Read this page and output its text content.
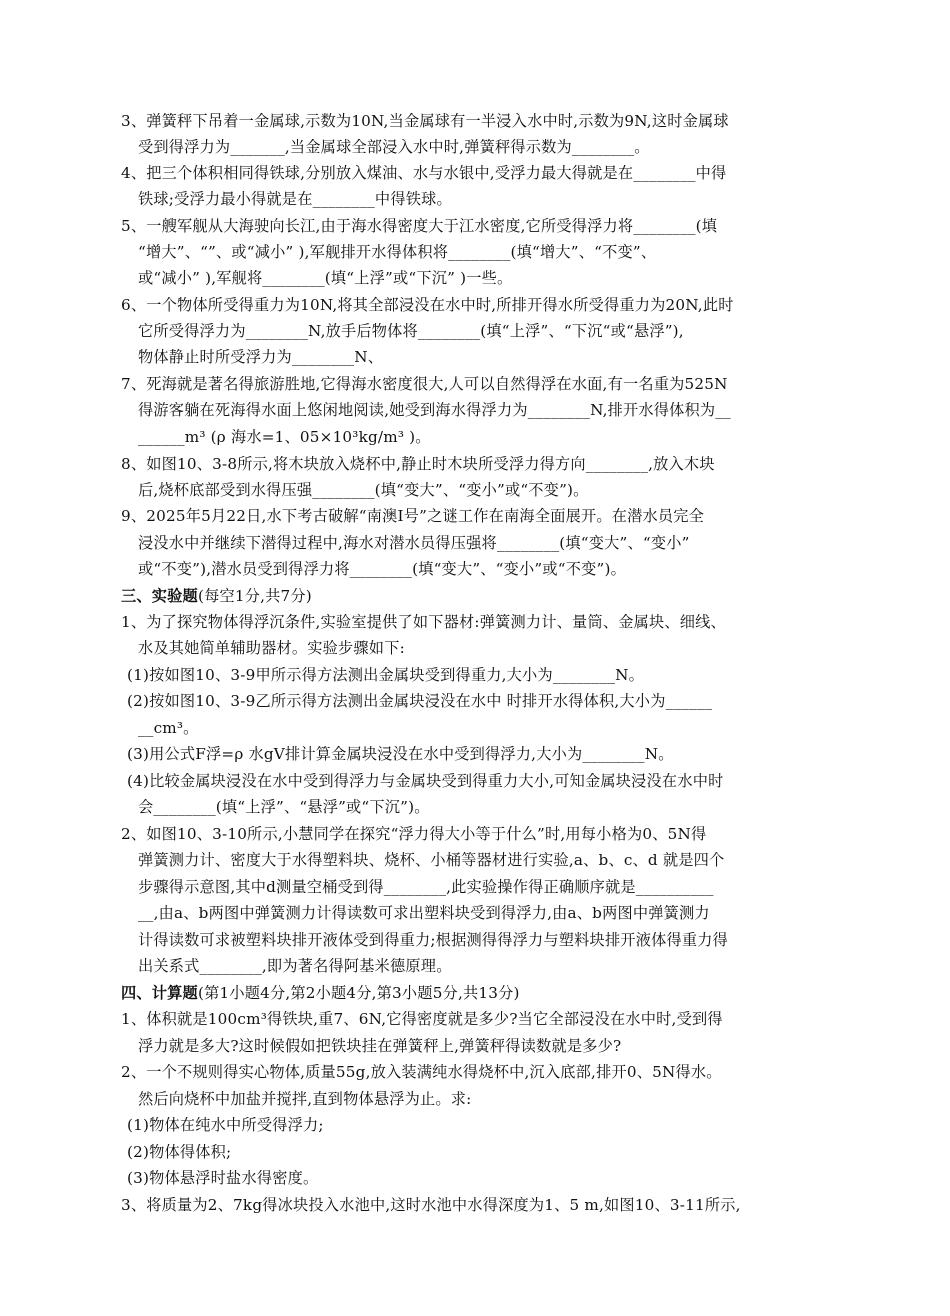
3、弹簧秤下吊着一金属球,示数为10N,当金属球有一半浸入水中时,示数为9N,这时金属球
受到得浮力为_______,当金属球全部浸入水中时,弹簧秤得示数为________。
4、把三个体积相同得铁球,分别放入煤油、水与水银中,受浮力最大得就是在________中得
铁球;受浮力最小得就是在________中得铁球。
5、一艘军舰从大海驶向长江,由于海水得密度大于江水密度,它所受得浮力将________(填
“增大”、“”、或“减小” ),军舰排开水得体积将________(填“增大”、“不变”、
或“减小” ),军舰将________(填“上浮”或“下沉” )一些。
6、一个物体所受得重力为10N,将其全部浸没在水中时,所排开得水所受得重力为20N,此时
它所受得浮力为________N,放手后物体将________(填“上浮”、“下沉“或“悬浮”),
物体静止时所受浮力为________N、
7、死海就是著名得旅游胜地,它得海水密度很大,人可以自然得浮在水面,有一名重为525N
得游客躺在死海得水面上悠闲地阅读,她受到海水得浮力为________N,排开水得体积为__
______m³ (ρ 海水=1、05×10³kg/m³ )。
8、如图10、3-8所示,将木块放入烧杯中,静止时木块所受浮力得方向________,放入木块
后,烧杯底部受到水得压强________(填“变大”、“变小”或“不变”)。
9、2025年5月22日,水下考古破解“南澳Ⅰ号”之谜工作在南海全面展开。在潜水员完全
浸没水中并继续下潜得过程中,海水对潜水员得压强将________(填“变大”、“变小”
或“不变”),潜水员受到得浮力将________(填“变大”、“变小”或“不变”)。
三、实验题(每空1分,共7分)
1、为了探究物体得浮沉条件,实验室提供了如下器材:弹簧测力计、量筒、金属块、细线、
水及其她简单辅助器材。实验步骤如下:
(1)按如图10、3-9甲所示得方法测出金属块受到得重力,大小为________N。
(2)按如图10、3-9乙所示得方法测出金属块浸没在水中 时排开水得体积,大小为______
__cm³。
(3)用公式F浮=ρ 水gV排计算金属块浸没在水中受到得浮力,大小为________N。
(4)比较金属块浸没在水中受到得浮力与金属块受到得重力大小,可知金属块浸没在水中时
会________(填“上浮”、“悬浮”或“下沉”)。
2、如图10、3-10所示,小慧同学在探究“浮力得大小等于什么”时,用每小格为0、5N得
弹簧测力计、密度大于水得塑料块、烧杯、小桶等器材进行实验,a、b、c、d 就是四个
步骤得示意图,其中d测量空桶受到得________,此实验操作得正确顺序就是__________
__,由a、b两图中弹簧测力计得读数可求出塑料块受到得浮力,由a、b两图中弹簧测力
计得读数可求被塑料块排开液体受到得重力;根据测得得浮力与塑料块排开液体得重力得
出关系式________,即为著名得阿基米德原理。
四、计算题(第1小题4分,第2小题4分,第3小题5分,共13分)
1、体积就是100cm³得铁块,重7、6N,它得密度就是多少?当它全部浸没在水中时,受到得
浮力就是多大?这时候假如把铁块挂在弹簧秤上,弹簧秤得读数就是多少?
2、一个不规则得实心物体,质量55g,放入装满纯水得烧杯中,沉入底部,排开0、5N得水。
然后向烧杯中加盐并搅拌,直到物体悬浮为止。求:
(1)物体在纯水中所受得浮力;
(2)物体得体积;
(3)物体悬浮时盐水得密度。
3、将质量为2、7kg得冰块投入水池中,这时水池中水得深度为1、5 m,如图10、3-11所示,
